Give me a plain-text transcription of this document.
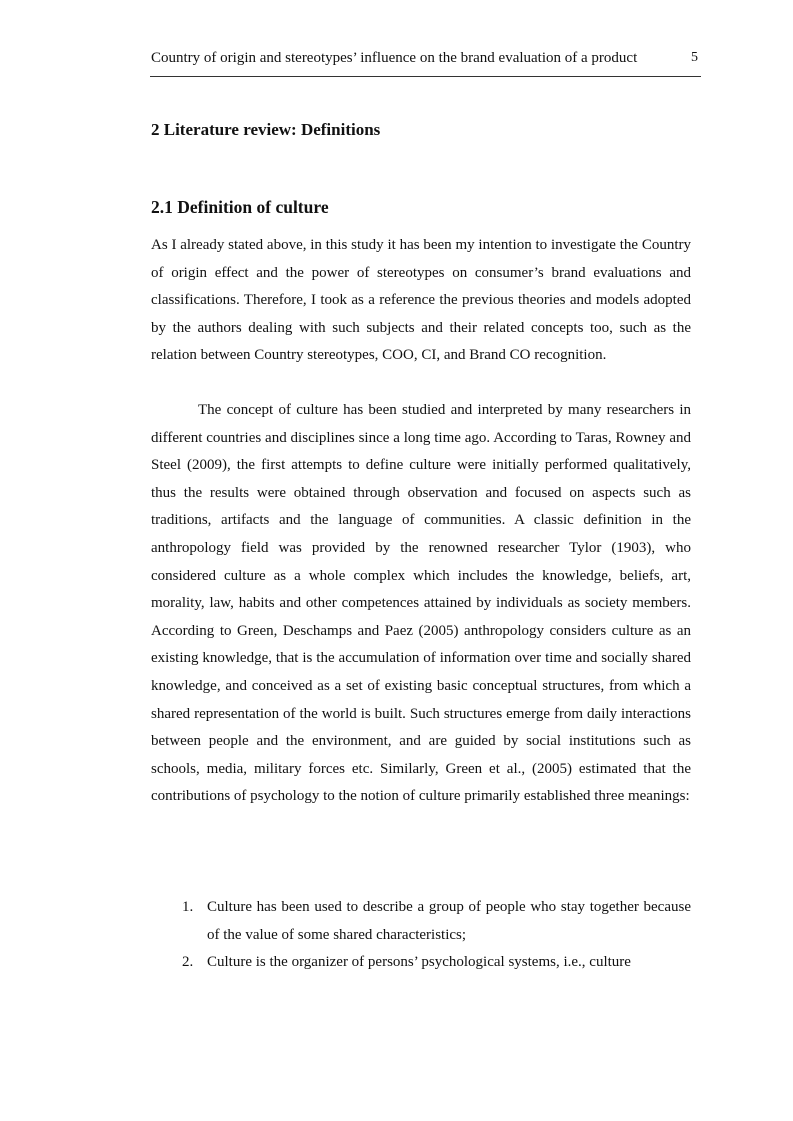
Country of origin and stereotypes’ influence on the brand evaluation of a product	5
2 Literature review: Definitions
2.1 Definition of culture

As I already stated above, in this study it has been my intention to investigate the Country of origin effect and the power of stereotypes on consumer’s brand evaluations and classifications. Therefore, I took as a reference the previous theories and models adopted by the authors dealing with such subjects and their related concepts too, such as the relation between Country stereotypes, COO, CI, and Brand CO recognition.

The concept of culture has been studied and interpreted by many researchers in different countries and disciplines since a long time ago. According to Taras, Rowney and Steel (2009), the first attempts to define culture were initially performed qualitatively, thus the results were obtained through observation and focused on aspects such as traditions, artifacts and the language of communities. A classic definition in the anthropology field was provided by the renowned researcher Tylor (1903), who considered culture as a whole complex which includes the knowledge, beliefs, art, morality, law, habits and other competences attained by individuals as society members. According to Green, Deschamps and Paez (2005) anthropology considers culture as an existing knowledge, that is the accumulation of information over time and socially shared knowledge, and conceived as a set of existing basic conceptual structures, from which a shared representation of the world is built. Such structures emerge from daily interactions between people and the environment, and are guided by social institutions such as schools, media, military forces etc. Similarly, Green et al., (2005) estimated that the contributions of psychology to the notion of culture primarily established three meanings:

1. Culture has been used to describe a group of people who stay together because of the value of some shared characteristics;
2. Culture is the organizer of persons’ psychological systems, i.e., culture
